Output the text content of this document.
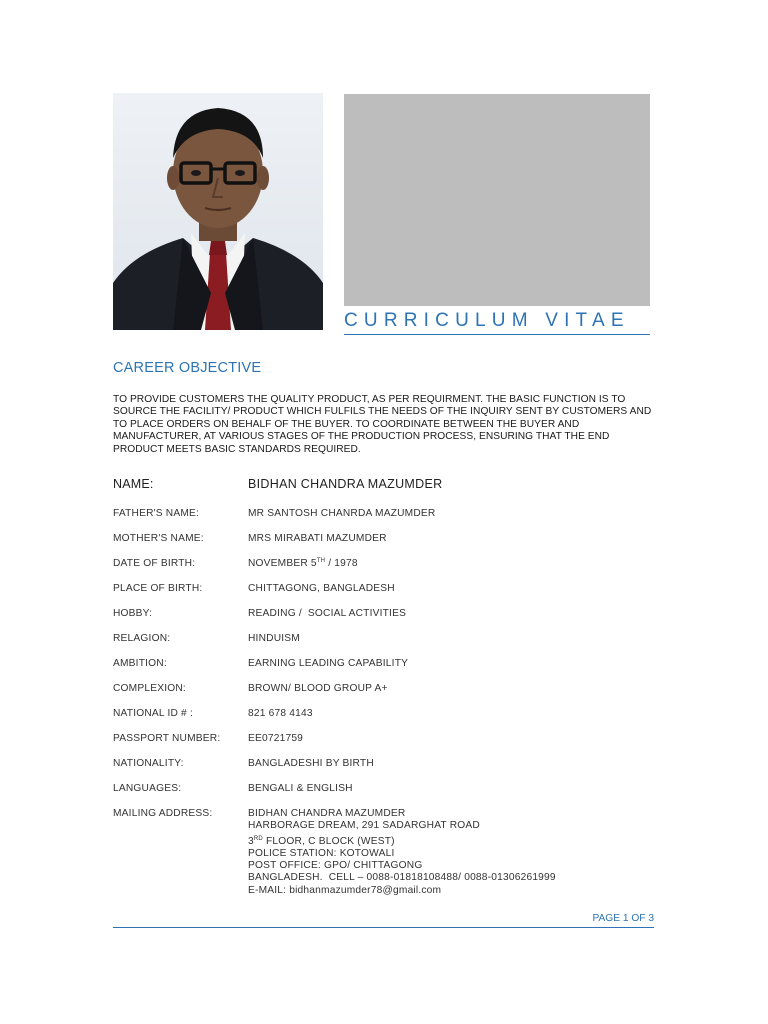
CURRICULUM VITAE
CAREER OBJECTIVE
TO PROVIDE CUSTOMERS THE QUALITY PRODUCT, AS PER REQUIRMENT. THE BASIC FUNCTION IS TO SOURCE THE FACILITY/ PRODUCT WHICH FULFILS THE NEEDS OF THE INQUIRY SENT BY CUSTOMERS AND TO PLACE ORDERS ON BEHALF OF THE BUYER. TO COORDINATE BETWEEN THE BUYER AND MANUFACTURER, AT VARIOUS STAGES OF THE PRODUCTION PROCESS, ENSURING THAT THE END PRODUCT MEETS BASIC STANDARDS REQUIRED.
NAME:	BIDHAN CHANDRA MAZUMDER
FATHER'S NAME:	MR SANTOSH CHANRDA MAZUMDER
MOTHER'S NAME:	MRS MIRABATI MAZUMDER
DATE OF BIRTH:	NOVEMBER 5TH / 1978
PLACE OF BIRTH:	CHITTAGONG, BANGLADESH
HOBBY:	READING /  SOCIAL ACTIVITIES
RELAGION:	HINDUISM
AMBITION:	EARNING LEADING CAPABILITY
COMPLEXION:	BROWN/ BLOOD GROUP A+
NATIONAL ID # :	821 678 4143
PASSPORT NUMBER:	EE0721759
NATIONALITY:	BANGLADESHI BY BIRTH
LANGUAGES:	BENGALI & ENGLISH
MAILING ADDRESS:	BIDHAN CHANDRA MAZUMDER
HARBORAGE DREAM, 291 SADARGHAT ROAD
3RD FLOOR, C BLOCK (WEST)
POLICE STATION: KOTOWALI
POST OFFICE: GPO/ CHITTAGONG
BANGLADESH.  CELL – 0088-01818108488/ 0088-01306261999
E-MAIL: bidhanmazumder78@gmail.com
PAGE 1 OF 3
